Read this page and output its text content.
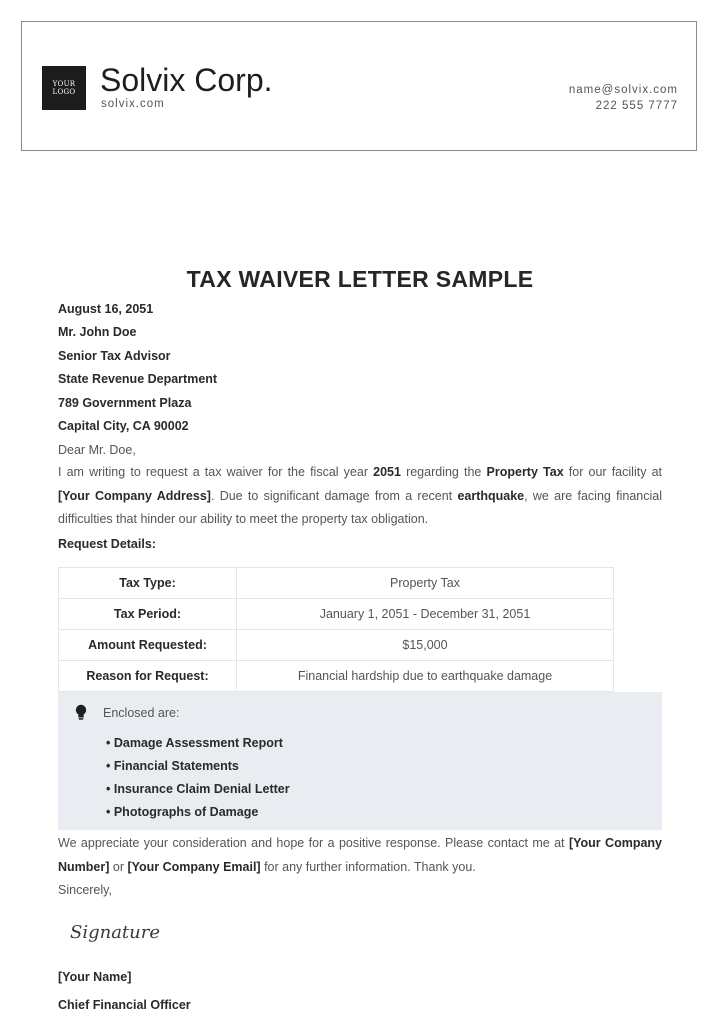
YOUR
LOGO Solvix Corp.
solvix.com
name@solvix.com
222 555 7777
TAX WAIVER LETTER SAMPLE
August 16, 2051
Mr. John Doe
Senior Tax Advisor
State Revenue Department
789 Government Plaza
Capital City, CA 90002
Dear Mr. Doe,
I am writing to request a tax waiver for the fiscal year 2051 regarding the Property Tax for our facility at [Your Company Address]. Due to significant damage from a recent earthquake, we are facing financial difficulties that hinder our ability to meet the property tax obligation.
Request Details:
Tax Type:	Property Tax
Tax Period:	January 1, 2051 - December 31, 2051
Amount Requested:	$15,000
Reason for Request:	Financial hardship due to earthquake damage
Enclosed are:
• Damage Assessment Report
• Financial Statements
• Insurance Claim Denial Letter
• Photographs of Damage
We appreciate your consideration and hope for a positive response. Please contact me at [Your Company Number] or [Your Company Email] for any further information. Thank you.
Sincerely,
Signature
[Your Name]
Chief Financial Officer
